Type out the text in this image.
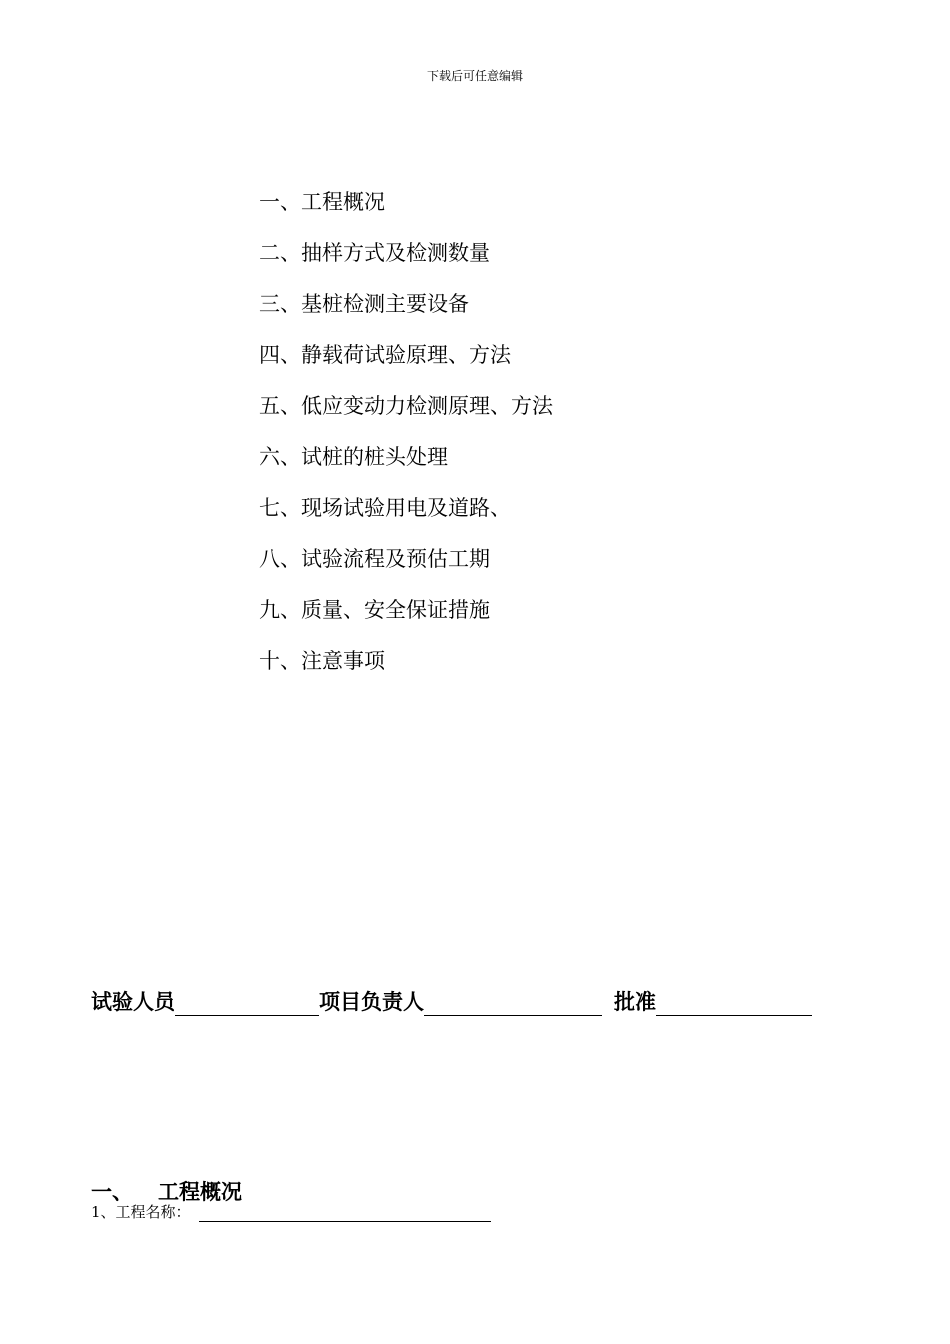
下载后可任意编辑
一、工程概况
二、抽样方式及检测数量
三、基桩检测主要设备
四、静载荷试验原理、方法
五、低应变动力检测原理、方法
六、试桩的桩头处理
七、现场试验用电及道路、
八、试验流程及预估工期
九、质量、安全保证措施
十、注意事项
试验人员	项目负责人	批准
一、 工程概况
1、工程名称：
